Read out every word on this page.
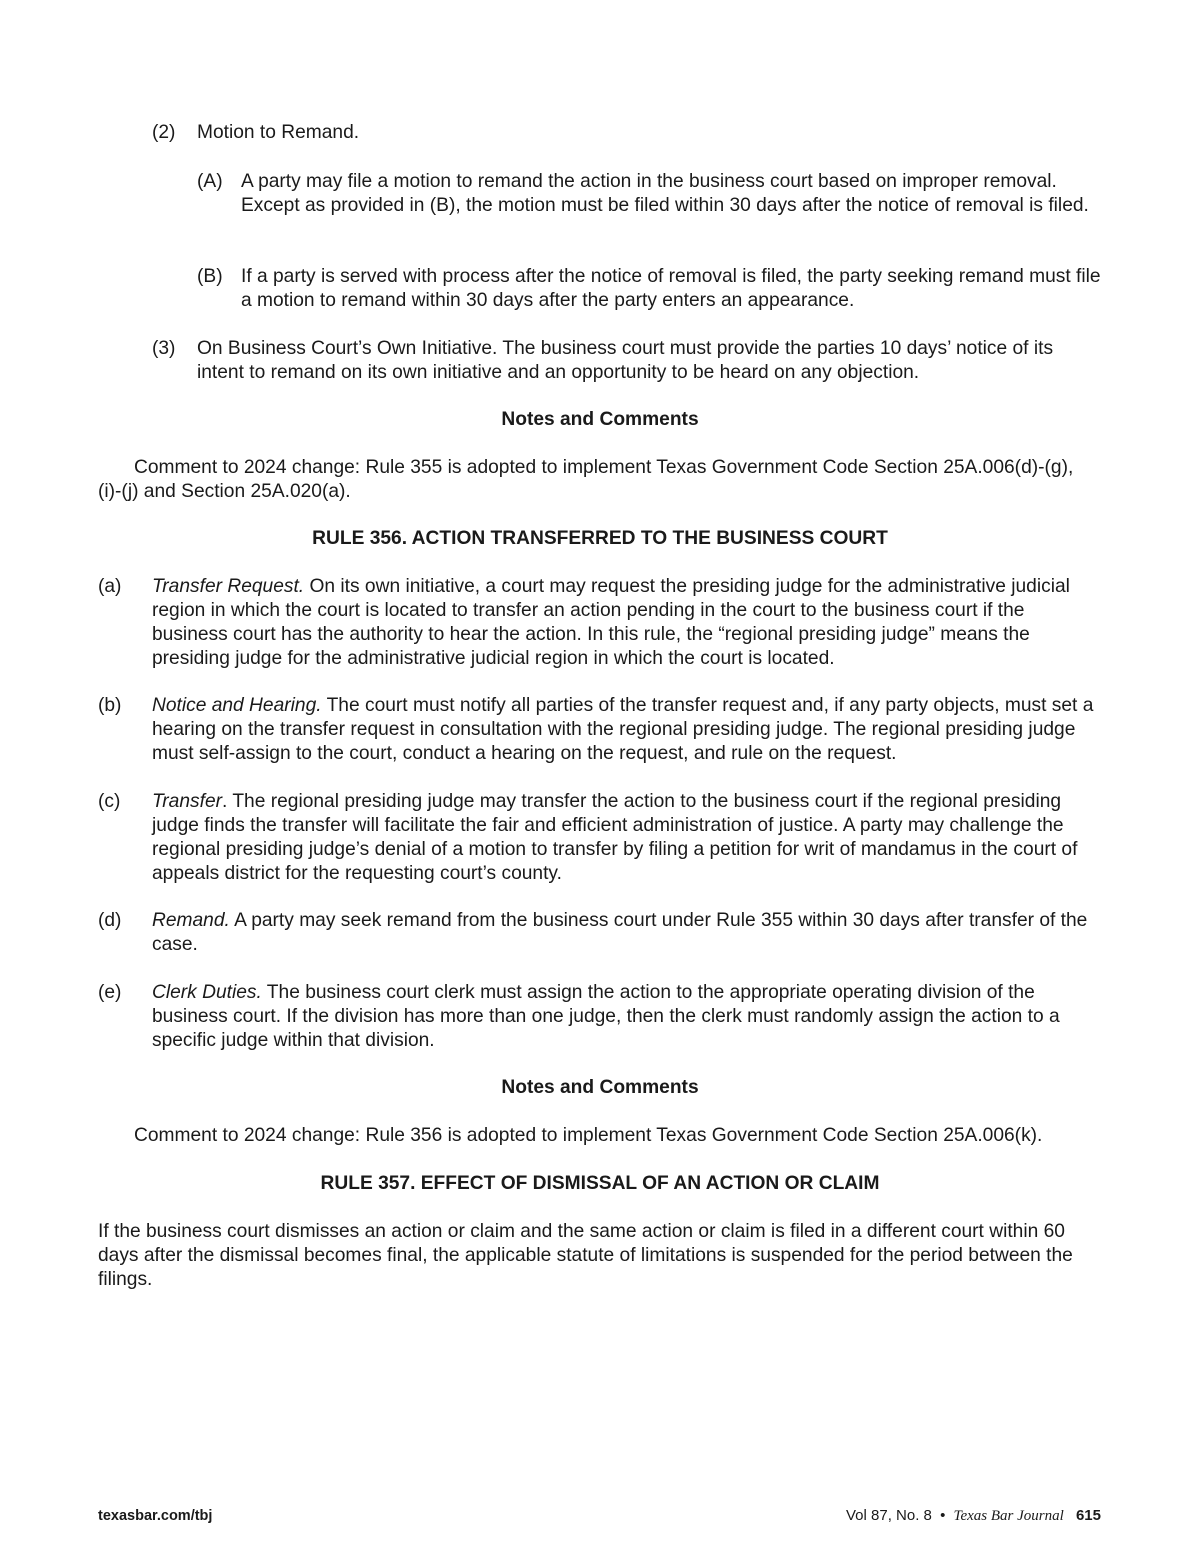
(2)	Motion to Remand.
(A) A party may file a motion to remand the action in the business court based on improper removal. Except as provided in (B), the motion must be filed within 30 days after the notice of removal is filed.
(B) If a party is served with process after the notice of removal is filed, the party seeking remand must file a motion to remand within 30 days after the party enters an appearance.
(3)	On Business Court’s Own Initiative. The business court must provide the parties 10 days’ notice of its intent to remand on its own initiative and an opportunity to be heard on any objection.
Notes and Comments
Comment to 2024 change: Rule 355 is adopted to implement Texas Government Code Section 25A.006(d)-(g), (i)-(j) and Section 25A.020(a).
RULE 356. ACTION TRANSFERRED TO THE BUSINESS COURT
(a)	Transfer Request. On its own initiative, a court may request the presiding judge for the administrative judicial region in which the court is located to transfer an action pending in the court to the business court if the business court has the authority to hear the action. In this rule, the “regional presiding judge” means the presiding judge for the administrative judicial region in which the court is located.
(b)	Notice and Hearing. The court must notify all parties of the transfer request and, if any party objects, must set a hearing on the transfer request in consultation with the regional presiding judge. The regional presiding judge must self-assign to the court, conduct a hearing on the request, and rule on the request.
(c)	Transfer. The regional presiding judge may transfer the action to the business court if the regional presiding judge finds the transfer will facilitate the fair and efficient administration of justice. A party may challenge the regional presiding judge’s denial of a motion to transfer by filing a petition for writ of mandamus in the court of appeals district for the requesting court’s county.
(d)	Remand. A party may seek remand from the business court under Rule 355 within 30 days after transfer of the case.
(e)	Clerk Duties. The business court clerk must assign the action to the appropriate operating division of the business court. If the division has more than one judge, then the clerk must randomly assign the action to a specific judge within that division.
Notes and Comments
Comment to 2024 change: Rule 356 is adopted to implement Texas Government Code Section 25A.006(k).
RULE 357. EFFECT OF DISMISSAL OF AN ACTION OR CLAIM
If the business court dismisses an action or claim and the same action or claim is filed in a different court within 60 days after the dismissal becomes final, the applicable statute of limitations is suspended for the period between the filings.
texasbar.com/tbj	Vol 87, No. 8 • Texas Bar Journal 615
